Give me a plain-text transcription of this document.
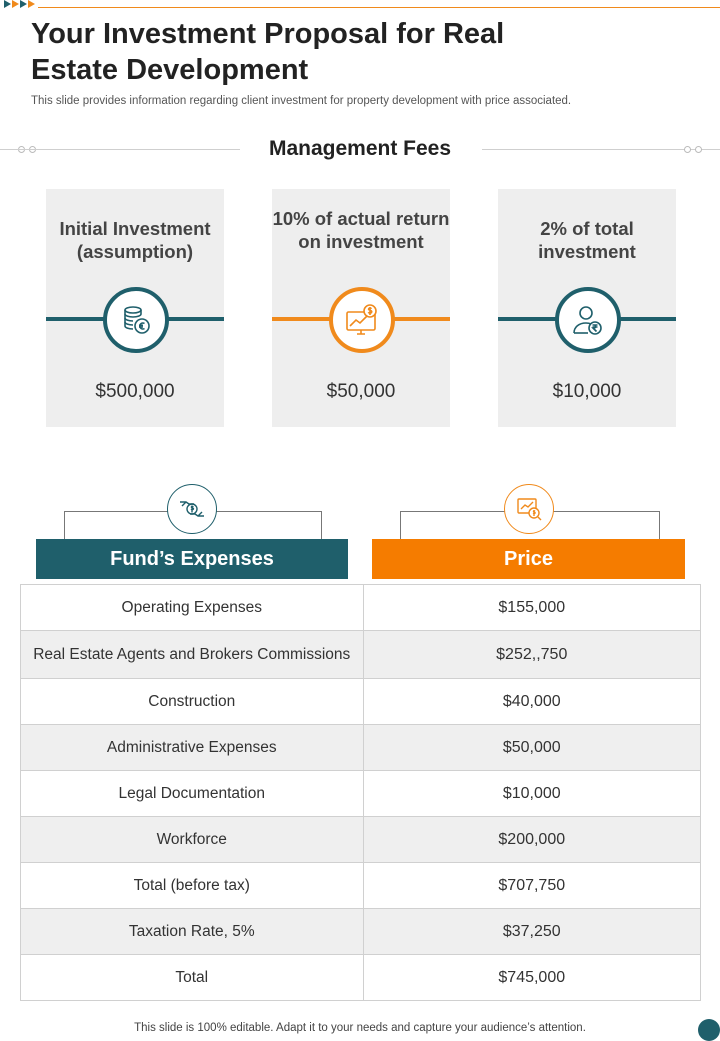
Your Investment Proposal for Real Estate Development
This slide provides information regarding client investment for property development with price associated.
Management Fees
Initial Investment (assumption)
$500,000
10% of actual return on investment
$50,000
2% of total investment
$10,000
Fund’s Expenses	Price
Operating Expenses	$155,000
Real Estate Agents and Brokers Commissions	$252,,750
Construction	$40,000
Administrative Expenses	$50,000
Legal Documentation	$10,000
Workforce	$200,000
Total (before tax)	$707,750
Taxation Rate, 5%	$37,250
Total	$745,000
This slide is 100% editable. Adapt it to your needs and capture your audience’s attention.
